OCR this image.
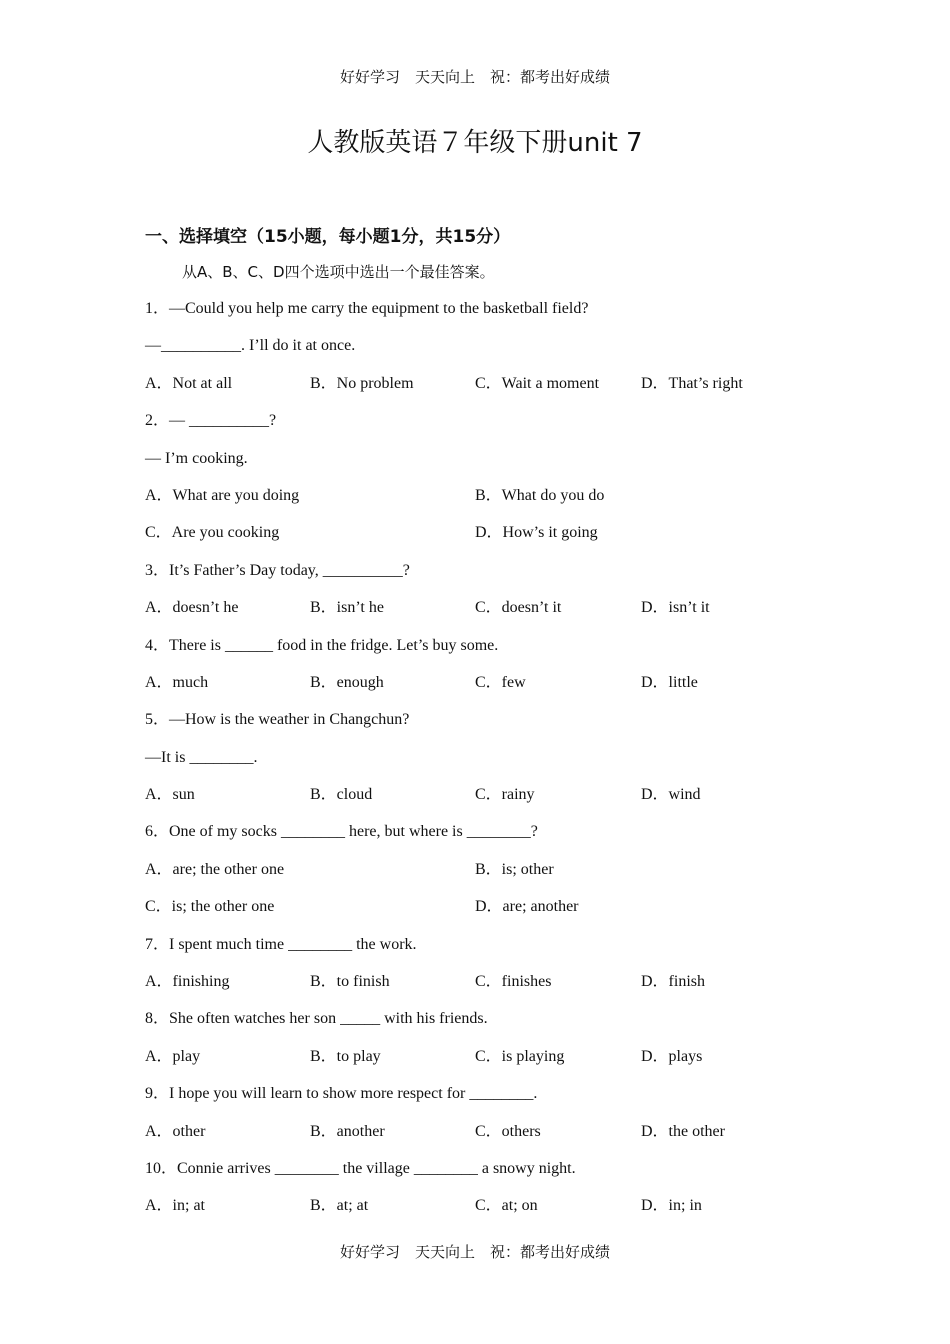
好好学习　天天向上　祝：都考出好成绩
人教版英语７年级下册unit 7
一、选择填空（15小题，每小题1分，共15分）
从A、B、C、D四个选项中选出一个最佳答案。
1．—Could you help me carry the equipment to the basketball field?
—__________. I’ll do it at once.
A．Not at all	B．No problem	C．Wait a moment	D．That’s right
2．— __________?
— I’m cooking.
A．What are you doing	B．What do you do
C．Are you cooking	D．How’s it going
3．It’s Father’s Day today, __________?
A．doesn’t he	B．isn’t he	C．doesn’t it	D．isn’t it
4．There is ______ food in the fridge. Let’s buy some.
A．much	B．enough	C．few	D．little
5．—How is the weather in Changchun?
—It is ________.
A．sun	B．cloud	C．rainy	D．wind
6．One of my socks ________ here, but where is ________?
A．are; the other one	B．is; other
C．is; the other one	D．are; another
7．I spent much time ________ the work.
A．finishing	B．to finish	C．finishes	D．finish
8．She often watches her son _____ with his friends.
A．play	B．to play	C．is playing	D．plays
9．I hope you will learn to show more respect for ________.
A．other	B．another	C．others	D．the other
10．Connie arrives ________ the village ________ a snowy night.
A．in; at	B．at; at	C．at; on	D．in; in
好好学习　天天向上　祝：都考出好成绩
